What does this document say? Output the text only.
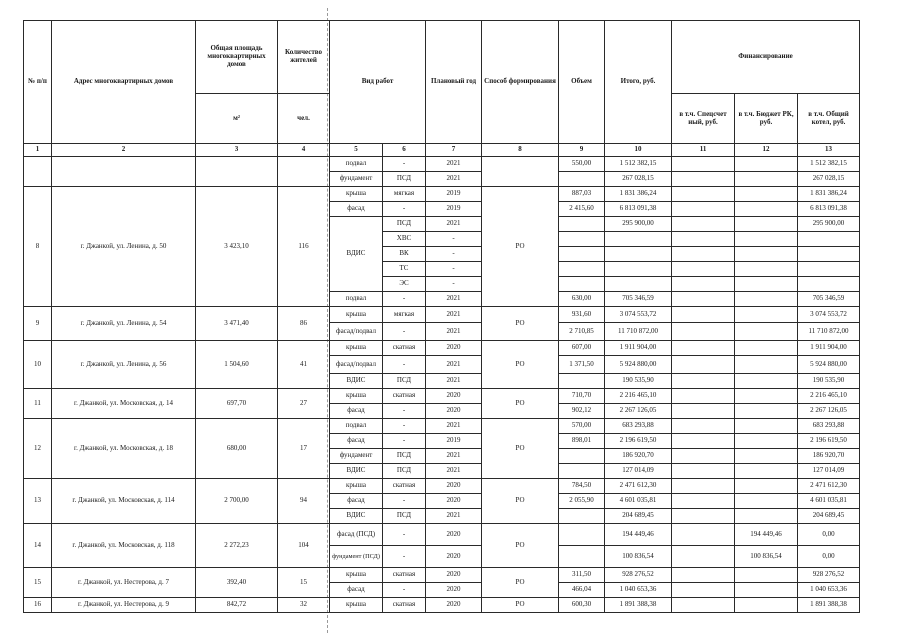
№ п/п	Адрес многоквартирных домов	Общая площадь многоквартирных домов	Количество жителей	Вид работ		Плановый год	Способ формирования	Объем	Итого, руб.	Финансирование		
		м²	чел.							в т.ч. Спецсчет ный, руб.	в т.ч. Бюджет РК, руб.	в т.ч. Общий котел, руб.
1	2	3	4	5	6	7	8	9	10	11	12	13
				подвал	-	2021		550,00	1 512 382,15			1 512 382,15
				фундамент	ПСД	2021			267 028,15			267 028,15
8	г. Джанкой, ул. Ленина, д. 50	3 423,10	116	крыша	мягкая	2019	РО	887,03	1 831 386,24			1 831 386,24
				фасад	-	2019		2 415,60	6 813 091,38			6 813 091,38
				ВДИС	ПСД	2021			295 900,00			295 900,00
					ХВС	-						
					ВК	-						
					ТС	-						
					ЭС	-						
				подвал	-	2021		630,00	705 346,59			705 346,59
9	г. Джанкой, ул. Ленина, д. 54	3 471,40	86	крыша	мягкая	2021	РО	931,60	3 074 553,72			3 074 553,72
				фасад/подвал	-	2021		2 710,85	11 710 872,00			11 710 872,00
10	г. Джанкой, ул. Ленина, д. 56	1 504,60	41	крыша	скатная	2020	РО	607,00	1 911 904,00			1 911 904,00
				фасад/подвал	-	2021		1 371,50	5 924 880,00			5 924 880,00
				ВДИС	ПСД	2021			190 535,90			190 535,90
11	г. Джанкой, ул. Московская, д. 14	697,70	27	крыша	скатная	2020	РО	710,70	2 216 465,10			2 216 465,10
				фасад	-	2020		902,12	2 267 126,05			2 267 126,05
12	г. Джанкой, ул. Московская, д. 18	680,00	17	подвал	-	2021	РО	570,00	683 293,88			683 293,88
				фасад	-	2019		898,01	2 196 619,50			2 196 619,50
				фундамент	ПСД	2021			186 920,70			186 920,70
				ВДИС	ПСД	2021			127 014,09			127 014,09
13	г. Джанкой, ул. Московская, д. 114	2 700,00	94	крыша	скатная	2020	РО	784,50	2 471 612,30			2 471 612,30
				фасад	-	2020		2 055,90	4 601 035,81			4 601 035,81
				ВДИС	ПСД	2021			204 689,45			204 689,45
14	г. Джанкой, ул. Московская, д. 118	2 272,23	104	фасад (ПСД)	-	2020	РО		194 449,46		194 449,46	0,00
				фундамент (ПСД)	-	2020			100 836,54		100 836,54	0,00
15	г. Джанкой, ул. Нестерова, д. 7	392,40	15	крыша	скатная	2020	РО	311,50	928 276,52			928 276,52
				фасад	-	2020		466,04	1 040 653,36			1 040 653,36
16	г. Джанкой, ул. Нестерова, д. 9	842,72	32	крыша	скатная	2020	РО	600,30	1 891 388,38			1 891 388,38
